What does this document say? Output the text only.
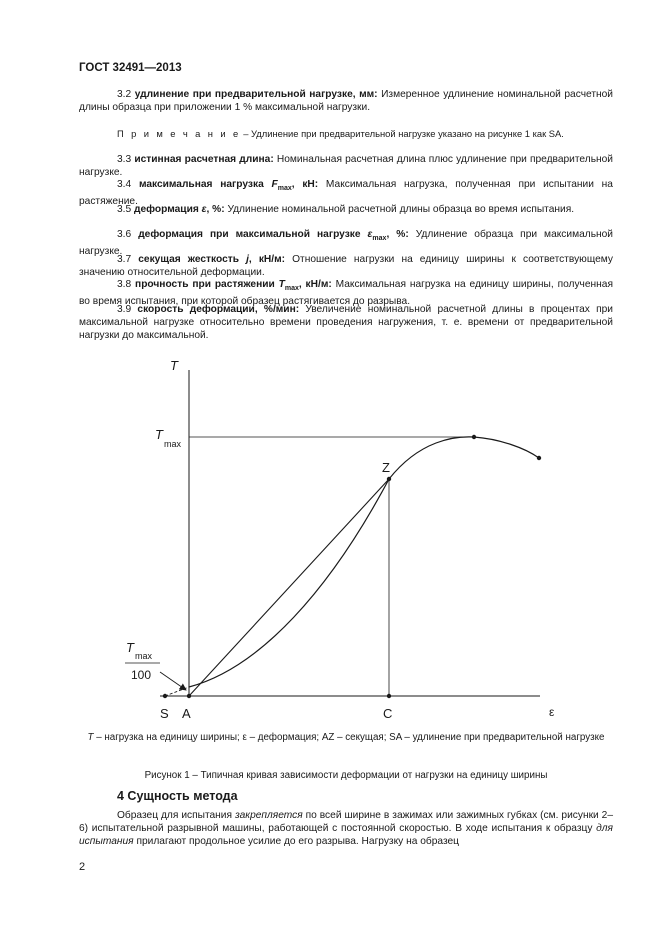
ГОСТ 32491—2013
3.2 удлинение при предварительной нагрузке, мм: Измеренное удлинение номинальной расчетной длины образца при приложении 1 % максимальной нагрузки.
П р и м е ч а н и е – Удлинение при предварительной нагрузке указано на рисунке 1 как SA.
3.3 истинная расчетная длина: Номинальная расчетная длина плюс удлинение при предварительной нагрузке.
3.4 максимальная нагрузка $F_{max}$, кН: Максимальная нагрузка, полученная при испытании на растяжение.
3.5 деформация ε, %: Удлинение номинальной расчетной длины образца во время испытания.
3.6 деформация при максимальной нагрузке $\varepsilon_{max}$, %: Удлинение образца при максимальной нагрузке.
3.7 секущая жесткость j, кН/м: Отношение нагрузки на единицу ширины к соответствующему значению относительной деформации.
3.8 прочность при растяжении $T_{max}$, кН/м: Максимальная нагрузка на единицу ширины, полученная во время испытания, при которой образец растягивается до разрыва.
3.9 скорость деформации, %/мин: Увеличение номинальной расчетной длины в процентах при максимальной нагрузке относительно времени проведения нагружения, т. е. времени от предварительной нагрузки до максимальной.
T
T
max
T
max
100
Z
S A	C	ε
T – нагрузка на единицу ширины; ε – деформация; AZ – секущая; SA – удлинение при предварительной нагрузке
Рисунок 1 – Типичная кривая зависимости деформации от нагрузки на единицу ширины
4 Сущность метода
Образец для испытания закрепляется по всей ширине в зажимах или зажимных губках (см. рисунки 2–6) испытательной разрывной машины, работающей с постоянной скоростью. В ходе испытания к образцу для испытания прилагают продольное усилие до его разрыва. Нагрузку на образец
2
